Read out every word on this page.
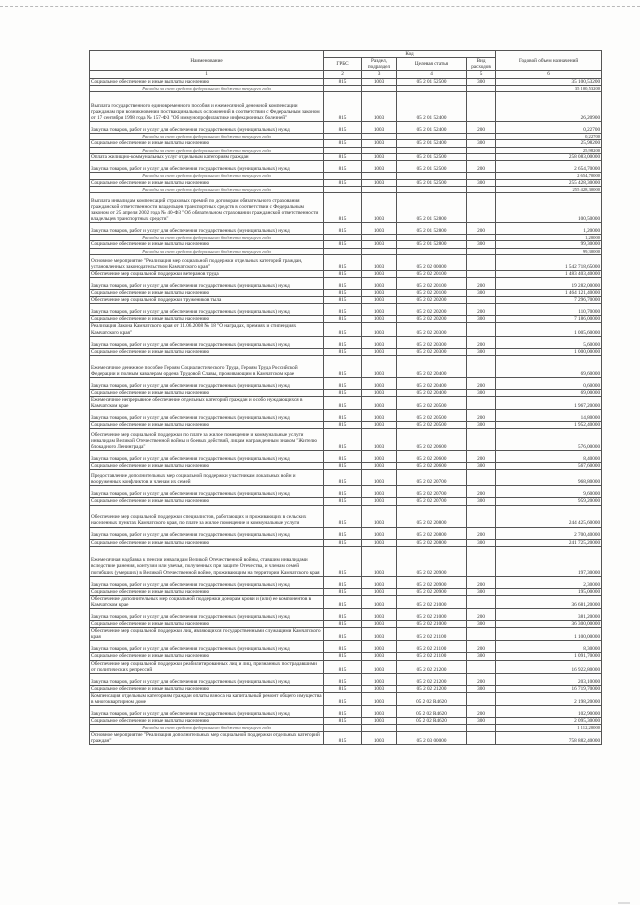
Наименование	Код				Годовой объем назначений
	ГРБС	Раздел, подраздел	Целевая статья	Вид расходов	
1	2	3	4	5	6
Социальное обеспечение и иные выплаты населению	815	1003	05 2 01 52500	300	35 100,53200
Расходы за счет средств федерального бюджета текущего года					35 100,53200
Выплата государственного единовременного пособия и ежемесячной денежной компенсации гражданам при возникновении поствакцинальных осложнений в соответствии с Федеральным законом от 17 сентября 1998 года № 157-ФЗ "Об иммунопрофилактике инфекционных болезней"	815	1003	05 2 01 52400		26,20900
Закупка товаров, работ и услуг для обеспечения государственных (муниципальных) нужд	815	1003	05 2 01 52400	200	0,22700
Расходы за счет средств федерального бюджета текущего года					0,22700
Социальное обеспечение и иные выплаты населению	815	1003	05 2 01 52400	300	25,98200
Расходы за счет средств федерального бюджета текущего года					25,98200
Оплата жилищно-коммунальных услуг отдельным категориям граждан	815	1003	05 2 01 52500		258 083,00000
Закупка товаров, работ и услуг для обеспечения государственных (муниципальных) нужд	815	1003	05 2 01 52500	200	2 654,70000
Расходы за счет средств федерального бюджета текущего года					2 654,70000
Социальное обеспечение и иные выплаты населению	815	1003	05 2 01 52500	300	255 428,30000
Расходы за счет средств федерального бюджета текущего года					255 428,30000
Выплата инвалидам компенсаций страховых премий по договорам обязательного страхования гражданской ответственности владельцев транспортных средств в соответствии с Федеральным законом от 25 апреля 2002 года № 40-ФЗ "Об обязательном страховании гражданской ответственности владельцев транспортных средств"	815	1003	05 2 01 52800		100,50000
Закупка товаров, работ и услуг для обеспечения государственных (муниципальных) нужд	815	1003	05 2 01 52800	200	1,20000
Расходы за счет средств федерального бюджета текущего года					1,20000
Социальное обеспечение и иные выплаты населению	815	1003	05 2 01 52800	300	99,30000
Расходы за счет средств федерального бюджета текущего года					99,30000
Основное мероприятие "Реализация мер социальной поддержки отдельных категорий граждан, установленных законодательством Камчатского края"	815	1003	05 2 02 00000		1 542 718,65000
Обеспечение мер социальной поддержки ветеранов труда	815	1003	05 2 02 20100		1 483 403,40000
Закупка товаров, работ и услуг для обеспечения государственных (муниципальных) нужд	815	1003	05 2 02 20100	200	19 282,00000
Социальное обеспечение и иные выплаты населению	815	1003	05 2 02 20100	300	1 464 121,40000
Обеспечение мер социальной поддержки тружеников тыла	815	1003	05 2 02 20200		7 296,70000
Закупка товаров, работ и услуг для обеспечения государственных (муниципальных) нужд	815	1003	05 2 02 20200	200	110,70000
Социальное обеспечение и иные выплаты населению	815	1003	05 2 02 20200	300	7 186,00000
Реализация Закона Камчатского края от 11.06.2008 № 18 "О наградах, премиях и стипендиях Камчатского края"	815	1003	05 2 02 20300		1 005,60000
Закупка товаров, работ и услуг для обеспечения государственных (муниципальных) нужд	815	1003	05 2 02 20300	200	5,60000
Социальное обеспечение и иные выплаты населению	815	1003	05 2 02 20300	300	1 000,00000
Ежемесячное денежное пособие Героям Социалистического Труда, Героям Труда Российской Федерации и полным кавалерам ордена Трудовой Славы, проживающим в Камчатском крае	815	1003	05 2 02 20400		69,60000
Закупка товаров, работ и услуг для обеспечения государственных (муниципальных) нужд	815	1003	05 2 02 20400	200	0,60000
Социальное обеспечение и иные выплаты населению	815	1003	05 2 02 20400	300	69,00000
Ежемесячное непрерывное обеспечение отдельных категорий граждан и особо нуждающихся в Камчатском крае	815	1003	05 2 02 20500		1 967,20000
Закупка товаров, работ и услуг для обеспечения государственных (муниципальных) нужд	815	1003	05 2 02 20500	200	14,80000
Социальное обеспечение и иные выплаты населению	815	1003	05 2 02 20500	300	1 952,40000
Обеспечение мер социальной поддержки по плате за жилое помещение и коммунальные услуги инвалидам Великой Отечественной войны и боевых действий, лицам награжденным знаком "Жителю блокадного Ленинграда"	815	1003	05 2 02 20600		576,00000
Закупка товаров, работ и услуг для обеспечения государственных (муниципальных) нужд	815	1003	05 2 02 20600	200	8,40000
Социальное обеспечение и иные выплаты населению	815	1003	05 2 02 20600	300	567,60000
Предоставление дополнительных мер социальной поддержки участникам локальных войн и вооруженных конфликтов и членам их семей	815	1003	05 2 02 20700		968,80000
Закупка товаров, работ и услуг для обеспечения государственных (муниципальных) нужд	815	1003	05 2 02 20700	200	9,60000
Социальное обеспечение и иные выплаты населению	815	1003	05 2 02 20700	300	959,20000
Обеспечение мер социальной поддержки специалистов, работающих и проживающих в сельских населенных пунктах Камчатского края, по плате за жилое помещение и коммунальные услуги	815	1003	05 2 02 20800		244 425,60000
Закупка товаров, работ и услуг для обеспечения государственных (муниципальных) нужд	815	1003	05 2 02 20800	200	2 700,40000
Социальное обеспечение и иные выплаты населению	815	1003	05 2 02 20800	300	241 725,20000
Ежемесячная надбавка к пенсии инвалидам Великой Отечественной войны, ставшим инвалидами вследствие ранения, контузии или увечья, полученных при защите Отечества, и членам семей погибших (умерших) в Великой Отечественной войне, проживающим на территории Камчатского края	815	1003	05 2 02 20900		197,30000
Закупка товаров, работ и услуг для обеспечения государственных (муниципальных) нужд	815	1003	05 2 02 20900	200	2,30000
Социальное обеспечение и иные выплаты населению	815	1003	05 2 02 20900	300	195,00000
Обеспечение дополнительных мер социальной поддержки донорам крови и (или) ее компонентов в Камчатском крае	815	1003	05 2 02 21000		36 681,20000
Закупка товаров, работ и услуг для обеспечения государственных (муниципальных) нужд	815	1003	05 2 02 21000	200	381,20000
Социальное обеспечение и иные выплаты населению	815	1003	05 2 02 21000	300	36 300,00000
Обеспечение мер социальной поддержки лиц, являющихся государственными служащими Камчатского края	815	1003	05 2 02 21100		1 100,00000
Закупка товаров, работ и услуг для обеспечения государственных (муниципальных) нужд	815	1003	05 2 02 21100	200	8,30000
Социальное обеспечение и иные выплаты населению	815	1003	05 2 02 21100	300	1 091,70000
Обеспечение мер социальной поддержки реабилитированных лиц и лиц, признанных пострадавшими от политических репрессий	815	1003	05 2 02 21200		16 922,80000
Закупка товаров, работ и услуг для обеспечения государственных (муниципальных) нужд	815	1003	05 2 02 21200	200	203,10000
Социальное обеспечение и иные выплаты населению	815	1003	05 2 02 21200	300	16 719,70000
Компенсация отдельным категориям граждан оплаты взноса на капитальный ремонт общего имущества в многоквартирном доме	815	1003	05 2 02 R4620		2 198,20000
Закупка товаров, работ и услуг для обеспечения государственных (муниципальных) нужд	815	1003	05 2 02 R4620	200	102,90000
Социальное обеспечение и иные выплаты населению	815	1003	05 2 02 R4620	300	2 095,30000
Расходы за счет средств федерального бюджета текущего года					1 112,20000
Основное мероприятие "Реализация дополнительных мер социальной поддержки отдельных категорий граждан"	815	1003	05 2 03 00000		758 882,40000
